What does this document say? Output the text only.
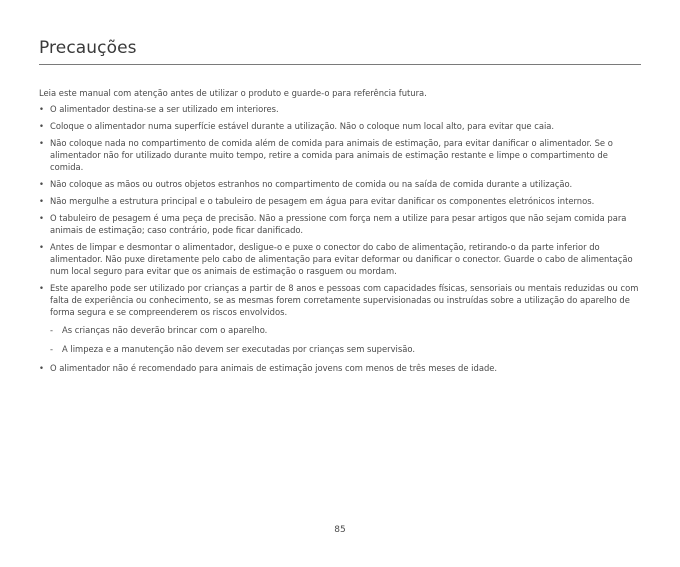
Precauções

Leia este manual com atenção antes de utilizar o produto e guarde-o para referência futura.

• O alimentador destina-se a ser utilizado em interiores.
• Coloque o alimentador numa superfície estável durante a utilização. Não o coloque num local alto, para evitar que caia.
• Não coloque nada no compartimento de comida além de comida para animais de estimação, para evitar danificar o alimentador. Se o alimentador não for utilizado durante muito tempo, retire a comida para animais de estimação restante e limpe o compartimento de comida.
• Não coloque as mãos ou outros objetos estranhos no compartimento de comida ou na saída de comida durante a utilização.
• Não mergulhe a estrutura principal e o tabuleiro de pesagem em água para evitar danificar os componentes eletrónicos internos.
• O tabuleiro de pesagem é uma peça de precisão. Não a pressione com força nem a utilize para pesar artigos que não sejam comida para animais de estimação; caso contrário, pode ficar danificado.
• Antes de limpar e desmontar o alimentador, desligue-o e puxe o conector do cabo de alimentação, retirando-o da parte inferior do alimentador. Não puxe diretamente pelo cabo de alimentação para evitar deformar ou danificar o conector. Guarde o cabo de alimentação num local seguro para evitar que os animais de estimação o rasguem ou mordam.
• Este aparelho pode ser utilizado por crianças a partir de 8 anos e pessoas com capacidades físicas, sensoriais ou mentais reduzidas ou com falta de experiência ou conhecimento, se as mesmas forem corretamente supervisionadas ou instruídas sobre a utilização do aparelho de forma segura e se compreenderem os riscos envolvidos.
- As crianças não deverão brincar com o aparelho.
- A limpeza e a manutenção não devem ser executadas por crianças sem supervisão.
• O alimentador não é recomendado para animais de estimação jovens com menos de três meses de idade.
85
